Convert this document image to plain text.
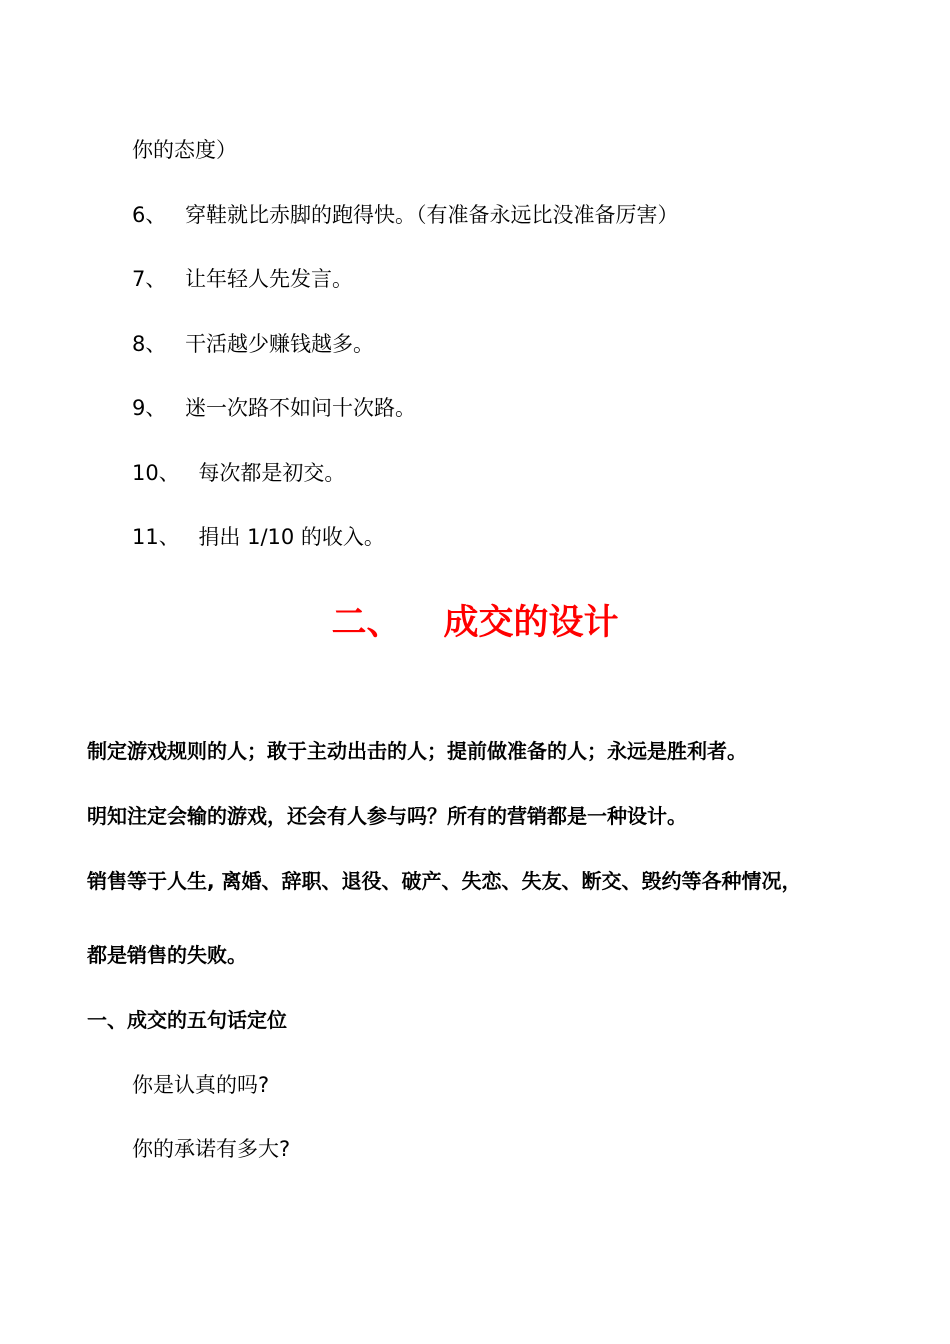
你的态度）
6、 穿鞋就比赤脚的跑得快。（有准备永远比没准备厉害）
7、 让年轻人先发言。
8、 干活越少赚钱越多。
9、 迷一次路不如问十次路。
10、 每次都是初交。
11、 捐出 1/10 的收入。
二、 成交的设计
制定游戏规则的人；敢于主动出击的人；提前做准备的人；永远是胜利者。
明知注定会输的游戏，还会有人参与吗？所有的营销都是一种设计。
销售等于人生, 离婚、辞职、退役、破产、失恋、失友、断交、毁约等各种情况，
都是销售的失败。
一、成交的五句话定位
你是认真的吗?
你的承诺有多大?
